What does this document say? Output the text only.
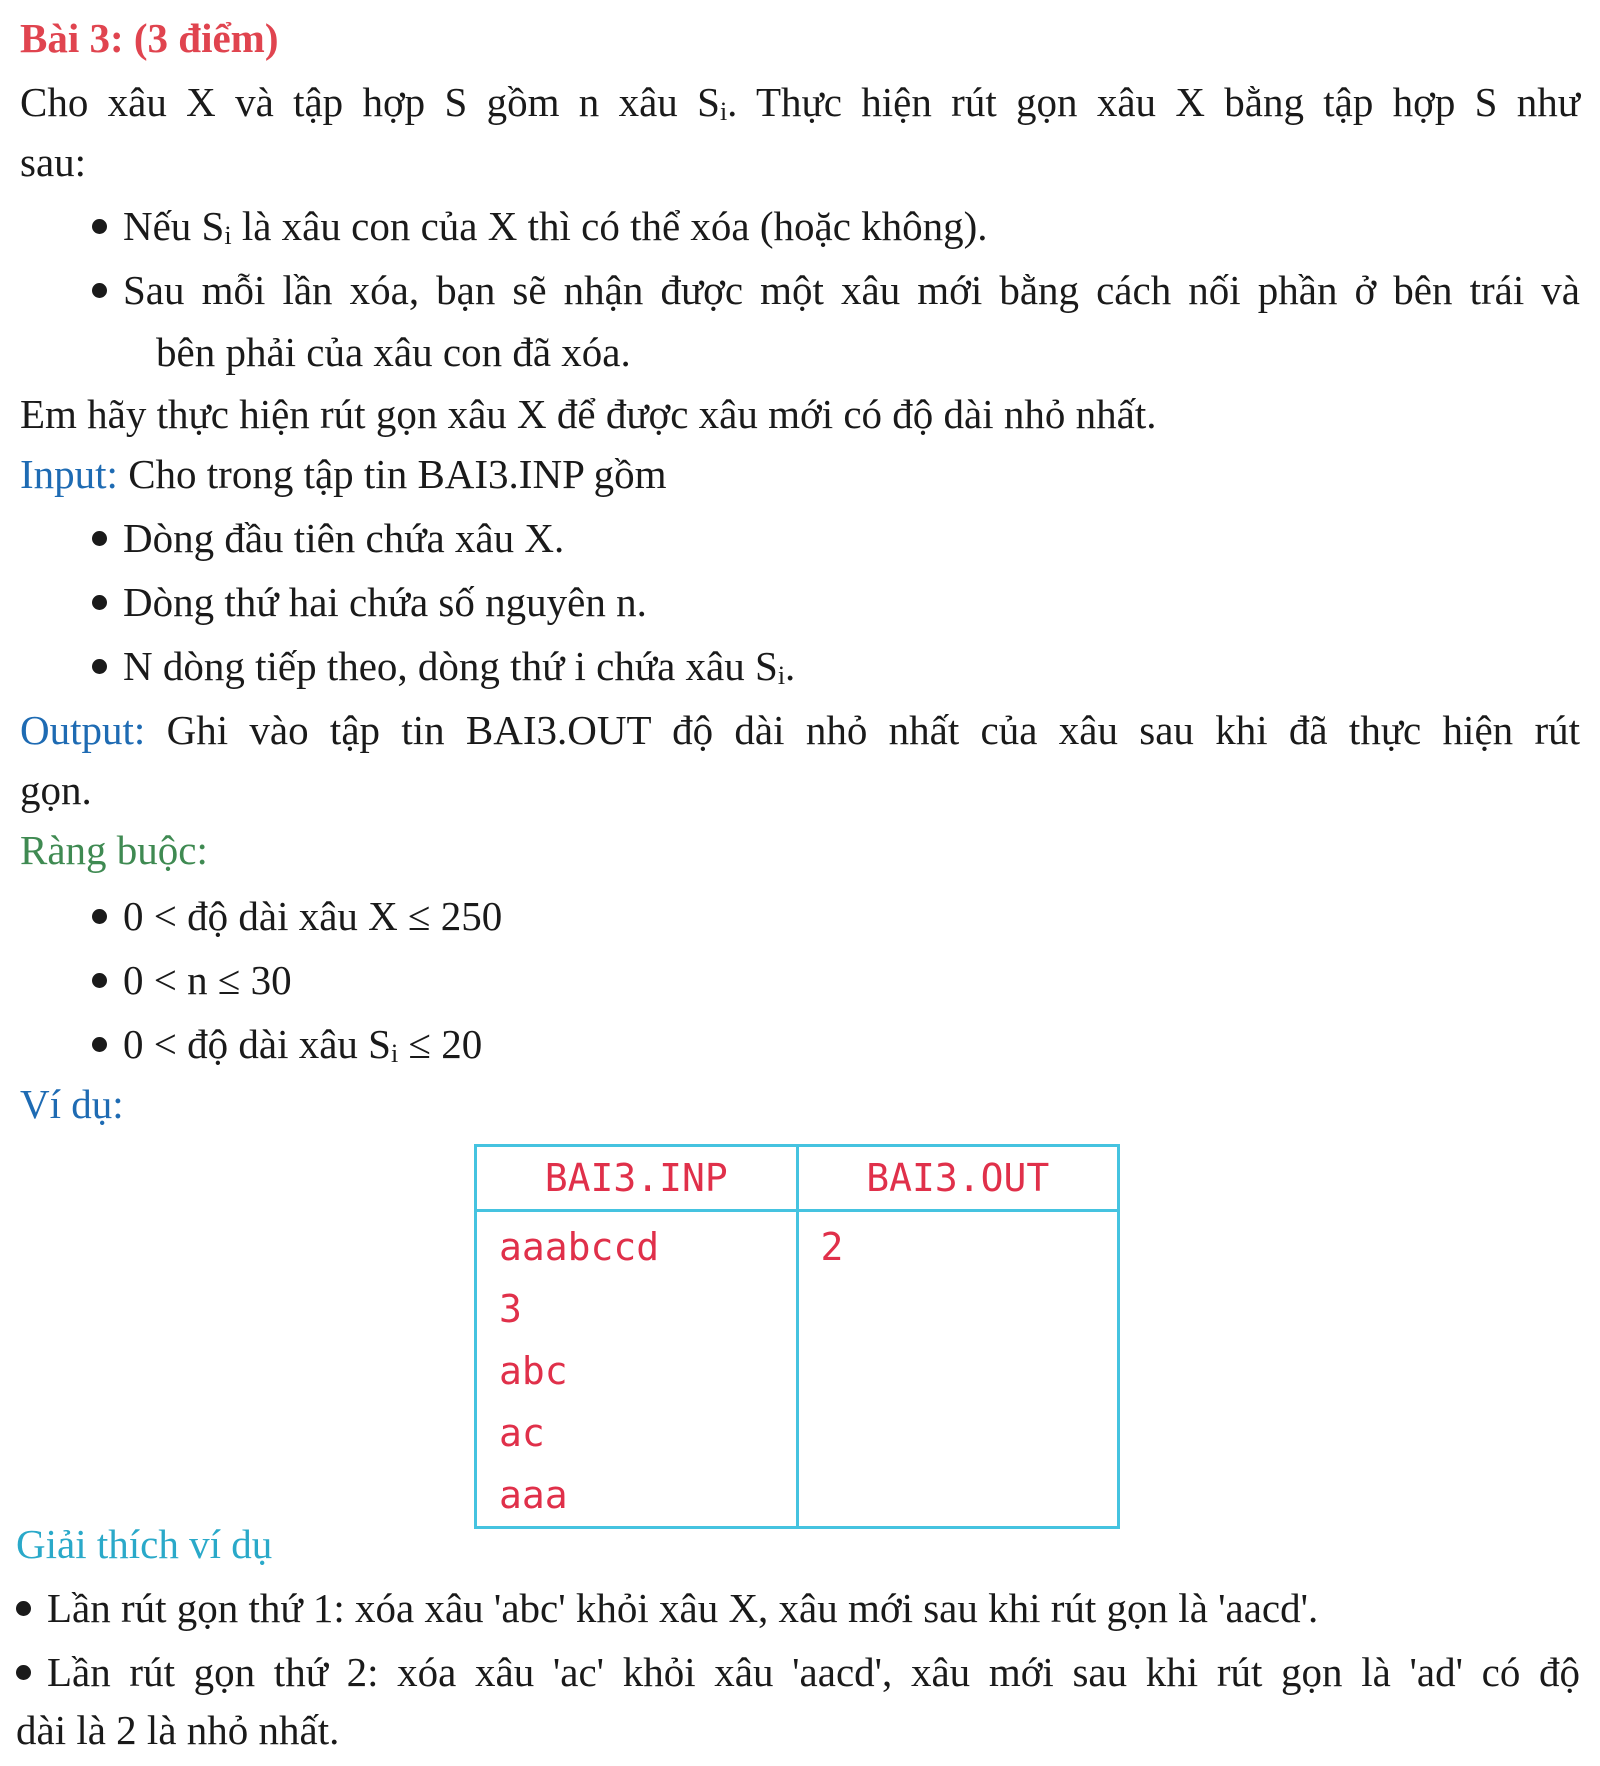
Bài 3: (3 điểm)
Cho xâu X và tập hợp S gồm n xâu $S_i$. Thực hiện rút gọn xâu X bằng tập hợp S như
sau:
Nếu $S_i$ là xâu con của X thì có thể xóa (hoặc không).
Sau mỗi lần xóa, bạn sẽ nhận được một xâu mới bằng cách nối phần ở bên trái và
bên phải của xâu con đã xóa.
Em hãy thực hiện rút gọn xâu X để được xâu mới có độ dài nhỏ nhất.
Input: Cho trong tập tin BAI3.INP gồm
Dòng đầu tiên chứa xâu X.
Dòng thứ hai chứa số nguyên n.
N dòng tiếp theo, dòng thứ i chứa xâu $S_i$.
Output: Ghi vào tập tin BAI3.OUT độ dài nhỏ nhất của xâu sau khi đã thực hiện rút
gọn.
Ràng buộc:
0 < độ dài xâu X ≤ 250
0 < n ≤ 30
0 < độ dài xâu $S_i \le 20$
Ví dụ:
BAI3.INP	BAI3.OUT

aaabccd
3
abc
ac
aaa	2
Giải thích ví dụ
Lần rút gọn thứ 1: xóa xâu 'abc' khỏi xâu X, xâu mới sau khi rút gọn là 'aacd'.
Lần rút gọn thứ 2: xóa xâu 'ac' khỏi xâu 'aacd', xâu mới sau khi rút gọn là 'ad' có độ
dài là 2 là nhỏ nhất.
